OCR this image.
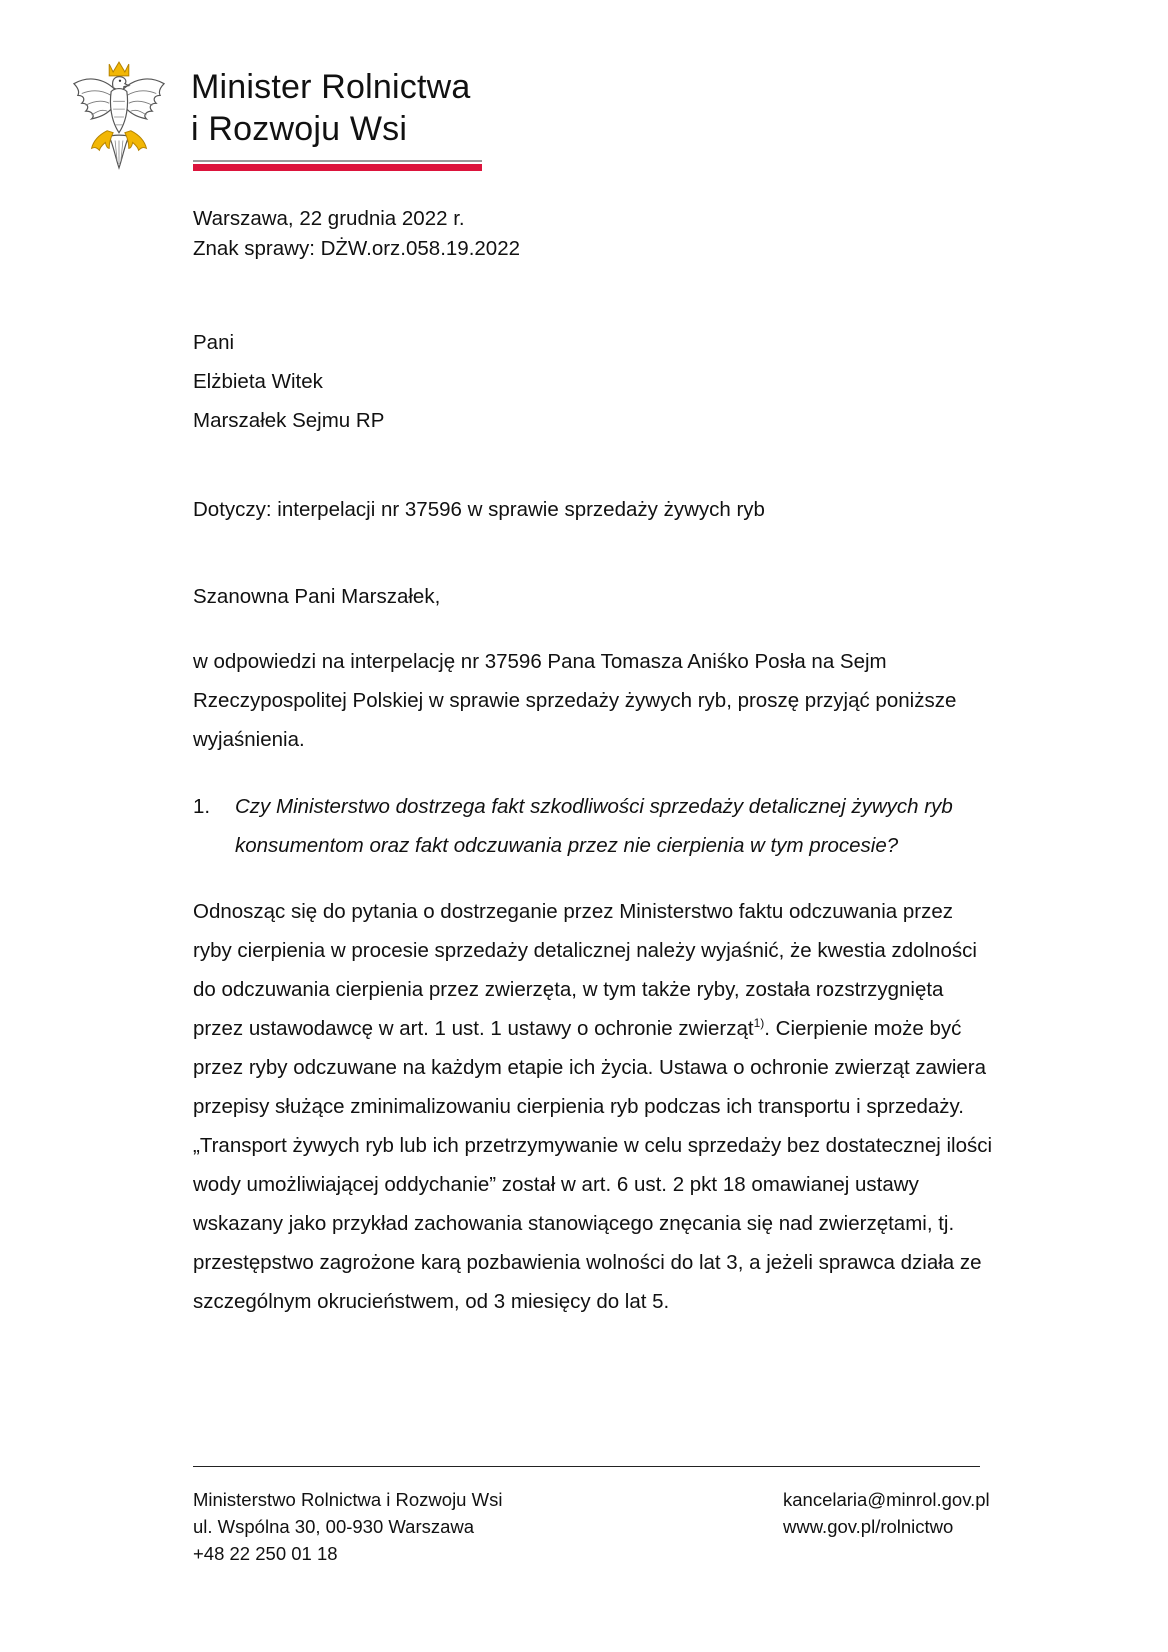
Minister Rolnictwa
i Rozwoju Wsi
Warszawa, 22 grudnia 2022 r.
Znak sprawy: DŻW.orz.058.19.2022
Pani
Elżbieta Witek
Marszałek Sejmu RP
Dotyczy: interpelacji nr 37596 w sprawie sprzedaży żywych ryb
Szanowna Pani Marszałek,
w odpowiedzi na interpelację nr 37596 Pana Tomasza Aniśko Posła na Sejm
Rzeczypospolitej Polskiej w sprawie sprzedaży żywych ryb, proszę przyjąć poniższe
wyjaśnienia.
1. Czy Ministerstwo dostrzega fakt szkodliwości sprzedaży detalicznej żywych ryb
konsumentom oraz fakt odczuwania przez nie cierpienia w tym procesie?
Odnosząc się do pytania o dostrzeganie przez Ministerstwo faktu odczuwania przez
ryby cierpienia w procesie sprzedaży detalicznej należy wyjaśnić, że kwestia zdolności
do odczuwania cierpienia przez zwierzęta, w tym także ryby, została rozstrzygnięta
przez ustawodawcę w art. 1 ust. 1 ustawy o ochronie zwierząt$^{1)}$. Cierpienie może być
przez ryby odczuwane na każdym etapie ich życia. Ustawa o ochronie zwierząt zawiera
przepisy służące zminimalizowaniu cierpienia ryb podczas ich transportu i sprzedaży.
„Transport żywych ryb lub ich przetrzymywanie w celu sprzedaży bez dostatecznej ilości
wody umożliwiającej oddychanie” został w art. 6 ust. 2 pkt 18 omawianej ustawy
wskazany jako przykład zachowania stanowiącego znęcania się nad zwierzętami, tj.
przestępstwo zagrożone karą pozbawienia wolności do lat 3, a jeżeli sprawca działa ze
szczególnym okrucieństwem, od 3 miesięcy do lat 5.
Ministerstwo Rolnictwa i Rozwoju Wsi
ul. Wspólna 30, 00-930 Warszawa
+48 22 250 01 18
kancelaria@minrol.gov.pl
www.gov.pl/rolnictwo
